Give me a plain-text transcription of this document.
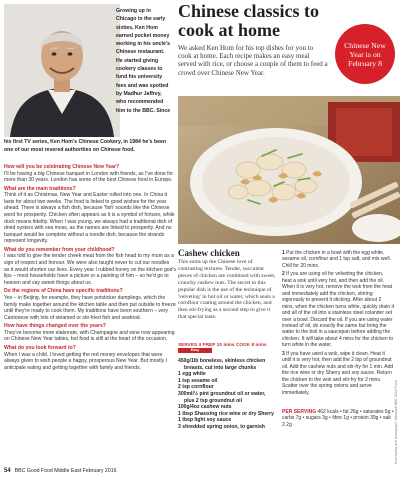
Growing up in
Chicago in the early
sixties, Ken Hom
earned pocket money
working in his uncle's
Chinese restaurant.
He started giving
cookery classes to
fund his university
fees and was spotted
by Madhur Jaffrey,
who recommended
him to the BBC. Since

his first TV series, Ken Hom's Chinese Cookery, in 1984 he's been one of our most revered authorities on Chinese food.

How will you be celebrating Chinese New Year?
I'll be having a big Chinese banquet in London with friends, as I've done for more than 30 years. London has some of the best Chinese food in Europe.

What are the main traditions?
Think of it as Christmas, New Year and Easter rolled into one. In China it lasts for about two weeks. The food is linked to good wishes for the year ahead. There is always a fish dish, because 'fish' sounds like the Chinese word for prosperity. Chicken often appears as it is a symbol of fortune, while duck means fidelity. When I was young, we always had a traditional dish of dried oysters with sea moss, as the names are linked to prosperity. And no banquet would be complete without a noodle dish, because the strands represent longevity.

What do you remember from your childhood?
I was told to give the tender cheek meat from the fish head to my mum as a sign of respect and honour. We were also taught never to cut our noodles as it would shorten our lives. Every year I rubbed honey on the kitchen god's lips – most households have a picture or a painting of him – so he'd go to heaven and say sweet things about us.

Do the regions of China have specific traditions?
Yes – in Beijing, for example, they have potsticker dumplings, which the family make together around the kitchen table and then put outside to freeze until they're ready to cook them. My traditions have been southern – very Cantonese with lots of steamed or stir-fried fish and seafood.

How have things changed over the years?
They've become more elaborate, with Champagne and wine now appearing on Chinese New Year tables, but food is still at the heart of the occasion.

What do you look forward to?
When I was a child, I loved getting the red money envelopes that were always given to wish people a happy, prosperous New Year. But mostly I anticipate eating and getting together with family and friends.

Chinese classics to cook at home

We asked Ken Hom for his top dishes for you to cook at home. Each recipe makes an easy meal served with rice, or choose a couple of them to feed a crowd over Chinese New Year.

Chinese New Year is on February 8
Cashew chicken

This sums up the Chinese love of contrasting textures. Tender, succulent pieces of chicken are combined with sweet, crunchy cashew nuts. The secret to this popular dish is the use of the technique of 'velveting' in hot oil or water, which seals a cornflour coating around the chicken, and then stir-frying as a second step to give it that special taste.

SERVES 4 PREP 10 mins COOK 8 mins
Easy
450g/1lb boneless, skinless chicken
breasts, cut into large chunks
1 egg white
1 tsp sesame oil
2 tsp cornflour
300ml/½ pint groundnut oil or water,
plus 2 tsp groundnut oil
100g/4oz cashew nuts
1 tbsp Shaoxing rice wine or dry Sherry
1 tbsp light soy sauce
3 shredded spring onion, to garnish

1 Put the chicken in a bowl with the egg white, sesame oil, cornflour and 1 tsp salt, and mix well. Chill for 20 mins.

2 If you are using oil for velveting the chicken, heat a wok until very hot, and then add the oil. When it is very hot, remove the wok from the heat and immediately add the chicken, stirring vigorously to prevent it sticking. After about 2 mins, when the chicken turns white, quickly drain it and all of the oil into a stainless steel colander set over a bowl. Discard the oil. If you are using water instead of oil, do exactly the same but bring the water to the boil in a saucepan before adding the chicken. It will take about 4 mins for the chicken to turn white in the water.

3 If you have used a wok, wipe it clean. Heat it until it is very hot, then add the 2 tsp of groundnut oil. Add the cashew nuts and stir-fry for 1 min. Add the rice wine or dry Sherry and soy sauce. Return the chicken to the wok and stir-fry for 2 mins. Scatter over the spring onions and serve immediately.

PER SERVING 462 kcals • fat 26g • saturates 5g • carbs 7g • sugars 3g • fibre 1g • protein 39g • salt 2.2g	food styling and photograph: Malaysia/ BBC Good Food
54 BBC Good Food Middle East February 2016
